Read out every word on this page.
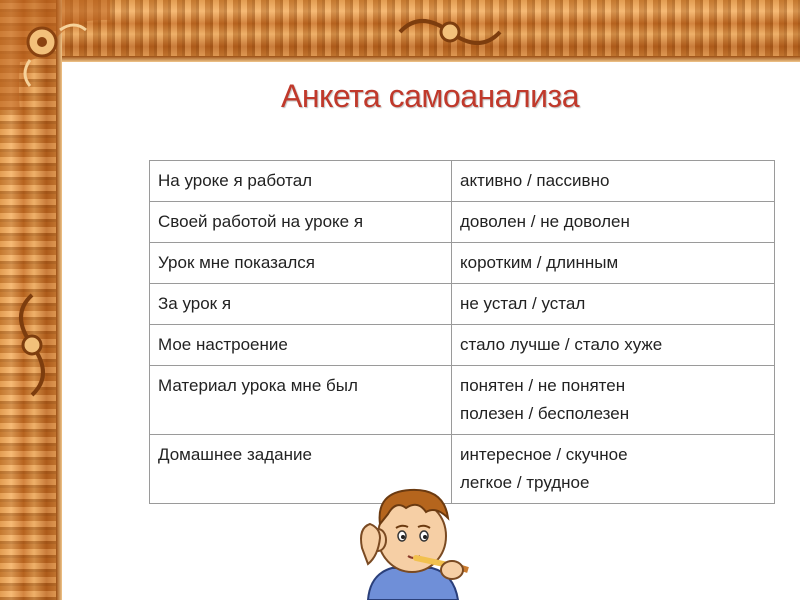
Анкета самоанализа
На уроке я работал	активно / пассивно
Своей работой на уроке я	доволен / не доволен
Урок мне показался	коротким / длинным
За урок я	не устал / устал
Мое настроение	стало лучше / стало хуже
Материал урока мне был	понятен / не понятен
полезен / бесполезен

Домашнее задание	интересное / скучное
легкое / трудное
